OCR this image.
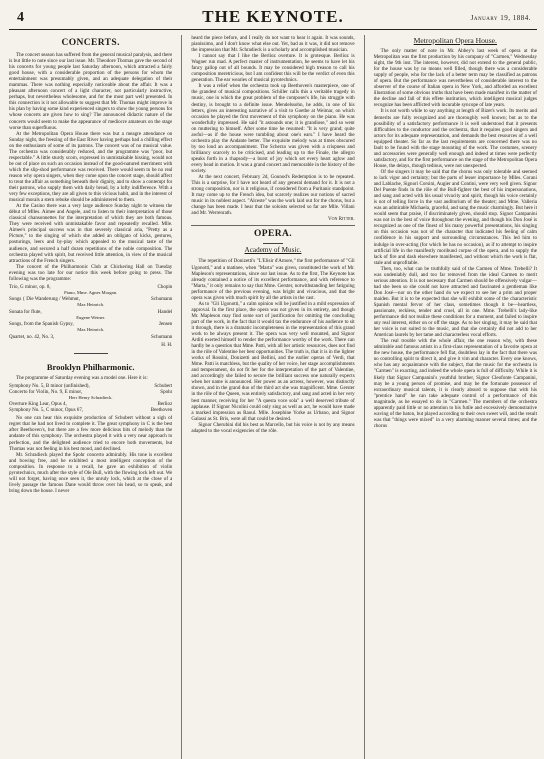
4	THE KEYNOTE.	January 19, 1884.
CONCERTS.

The concert season has suffered from the general musical paralysis, and there is but little to note since our last issue. Mr. Theodore Thomas gave the second of his concerts for young people last Saturday afternoon, which attracted a fairly good house, with a considerable proportion of the persons for whom the entertainment was presumably given, and an adequate delegation of their mammas. There was nothing especially noticeable about the affair. It was a pleasant afternoon concert of a light character, not particularly instructive, perhaps, but nevertheless wholesome, and for the most part well presented. In this connection is it not allowable to suggest that Mr. Thomas might improve in his plan by having some kind experienced singers to show the young persons for whose concerts are given how to sing? The announced didactic nature of the concerts would seem to make the appearance of mediocre amateurs on the stage worse than superfluous.

At the Metropolitan Opera House there was but a meagre attendance on Sunday night, the freezing of the East River having perhaps had a chilling effect on the enthusiasm of some of its patrons. The concert was of no musical value. The orchestra was considerably reduced, and the programme was "poor, but respectable." A little sturdy scorn, expressed in unmistakable hissing, would not be out of place on such an occasion instead of the good-natured merriment with which the slip-shod performance was received. There would seem to be no real reason why opera singers, when they come upon the concert stage, should affect to treat the affair as something beneath their dignity, and to show a contempt for their patrons, who supply them with daily bread, by a lofty indifference. With a very few exceptions, they are all given to this vicious habit, and in the interest of musical morals a stern rebuke should be administered to them.

At the Casino there was a very large audience Sunday night to witness the début of Mlles. Aimee and Angele, and to listen to their interpretation of those classical chansonnettes for the interpretation of which they are both famous. They were received with unmistakable favor and repeatedly recalled. Mlle. Aimee's principal success was in that severely classical aria, "Pretty as a Picture," to the singing of which she added an obligato of kicks, gestures, posturings, leers and by-play which appealed to the musical taste of the audience, and secured a half dozen repetitions of the noble composition. The orchestra played with spirit, but received little attention, in view of the musical attractions of the French singers.

The concert of the Philharmonic Club at Chickering Hall on Tuesday evening was too late for our notice this week before going to press. The following was the programme:

Trio, G minor, op. 8,	Chopin
Piano, Mme. Agnes Morgan.
Songs { Die Wanderung / Wehmut,	Schumann
Max Heinrich.
Sonata for flute,	Handel
Eugene Weiner.
Songs, from the Spanish Gypsy,	Jensen
Max Heinrich.
Quartet, no. 42, No. 3,	Schumann
H. H.
Brooklyn Philharmonic.

The programme of Saturday evening was a model one. Here it is:

Symphony No. 5, B minor (unfinished),	Schubert
Concerto for Violin, No. 9, E minor,	Spohr
Herr Henry Schradieck.
Overture King Lear, Opus 4,	Berlioz
Symphony No. 5, C minor, Opus 67,	Beethoven

No one can hear this exquisite production of Schubert without a sigh of regret that he had not lived to complete it. The great symphony in C is the best after Beethoven's, but there are a few more delicious bits of melody than the andante of this symphony. The orchestra played it with a very near approach to perfection, and the delighted audience tried to encore both movements, but Thomas was not feeling in his best mood, and declined.

Mr. Schradieck played the Spohr concerto admirably. His tone is excellent and bowing free, and he exhibited a most intelligent conception of the composition. In response to a recall, he gave an exhibition of violin pyrotechnics, much after the style of Ole Bull, with the flowing lock left out. We will not forget, having once seen it, the unruly lock, which at the close of a lively passage the famous Dane would throw over his head, so to speak, and bring down the house. I never

heard the piece before, and I really do not want to hear it again. It was sounds, pianissimo, and I don't know what else out. Yet, bad as it was, it did not remove the impression that Mr. Schradieck is a scholarly and accomplished musician.

I cannot say that I like the Berlioz overture. It is grotesque. Berlioz is Wagner run mad. A perfect master of instrumentation, he seems to have let his fancy gallop out of all bounds. It may be considered high treason to call his composition meretricious, but I am confident this will be the verdict of even this generation. The ear wearies of musical pyrotechnics.

It was a relief when the orchestra took up Beethoven's masterpiece, one of the grandest of musical compositions. Schiller calls this a veritable tragedy in music, one in which the great problem of the composer's life, his struggle with destiny, is brought to a definite issue. Mendelssohn, he adds, in one of his letters, gives an interesting narrative of a visit to Goethe at Weimar, on which occasion he played the first movement of this symphony on the piano. He was wonderfully impressed. He said "it astounds one; it is grandiose," and so went on muttering to himself. After some time he resumed: "It is very grand; quite awful—as if the house were tumbling about one's ears." I have heard the orchestra play the Andante better. The exquisite melody was at times obscured by too loud an accompaniment. The Scherzo was given with a crispness and brilliancy scarcely to be criticised, and leading up to the Finale, the allegro speaks forth in a rhapsody—a burst of joy which set every heart aglow and every head in motion. It was a grand concert and memorable in the history of the society.

At the next concert, February 2d, Gounod's Redemption is to be repeated. This is a surprise, for I have not heard of any general demand for it. It is not a strong composition, nor is it religious, if considered from a Puritanic standpoint. It may come up to the French idea, but scarcely realizes our notions of sacred music in its noblest aspect. "Alceste" was the work laid out for the chorus, but a change has been made. I hear that the soloists selected so far are Mlle. Villani and Mr. Werrenrath.

Von Ritter.
OPERA.
Academy of Music.

The repetition of Donizetti's "L'Elisir d'Amore," the first performance of "Gli Ugonotti," and a matinee, when "Marta" was given, constituted the work of Mr. Mapleson's representations, since our last issue. As to the first, The Keynote has already contained a notice of its excellent performance, and with reference to "Marta," it only remains to say that Mme. Gerster, notwithstanding her fatiguing performance of the previous evening, was bright and vivacious, and that the opera was given with much spirit by all the artists in the cast.

As to "Gli Ugonotti," a calm opinion will be justified in a mild expression of approval. In the first place, the opera was not given in its entirety, and though Mr. Mapleson may find some sort of justification for omitting the concluding part of the work, in the fact that it would tax the endurance of his audience to sit it through, there is a dramatic incompleteness in the representation of this grand work to be always present it. The opera was very well mounted, and Signor Arditi exerted himself to render the performance worthy of the work. There can hardly be a question that Mme. Patti, with all her artistic resources, does not find in the rôle of Valentine her best opportunities. The truth is, that it is in the lighter works of Rossini, Donizetti and Bellini, and the earlier operas of Verdi, that Mme. Patti is matchless, but the quality of her voice, her stage accomplishments and temperament, do not fit her for the interpretation of the part of Valentine, and accordingly she failed to secure the brilliant success one naturally expects when her name is announced. Her power as an actress, however, was distinctly shown, and in the grand duo of the third act she was magnificent. Mme. Gerster in the rôle of the Queen, was entirely satisfactory, and sang and acted in her very best manner, receiving for her "A questa voce sola" a well deserved tribute of applause. If Signor Nicolini could only sing as well as act, he would have made a marked impression as Raoul. Mlle. Josephine Yorke as Urbano, and Signor Galassi as St. Bris, were all that could be desired.

Signor Cherubini did his best as Marcello, but his voice is not by any means adapted to the vocal exigencies of the rôle.

Metropolitan Opera House.

The only matter of note in Mr. Abbey's last week of opera at the Metropolitan was the first production by his company of "Carmen," Wednesday night, the 9th inst. The interest, however, did not extend to the general public, for the house was by no means well filled, though there was a considerable supply of people, who for the lack of a better term may be classified as patrons of opera. But the performance was nevertheless of considerable interest to the observer of the course of Italian opera in New York, and afforded an excellent illustration of some obvious truths that have been made manifest in the matter of the decline and fall of this effete institution, which intelligent musical judges recognize has been afflicted with incurable syncope of late years.

It is not worth while to say anything at length of Bizet's work. Its merits and demerits are fully recognized and are thoroughly well known; but as to the possibility of a satisfactory performance it is well understood that it presents difficulties to the conductor and the orchestra, that it requires good singers and actors for its adequate representation, and demands the best resources of a well equipped theater. So far as the last requirements are concerned there was no fault to be found with the stage mounting of the work. The costumes, scenery and accessories were generally well enough and indeed at times were perfectly satisfactory, and for the first performance on the stage of the Metropolitan Opera House, the delays, though tedious, were not unexpected.

Of the singers it may be said that the chorus was only tolerable and seemed to lack vigor and certainty; but the parts of lesser importance by Mlles. Corani and Lablache, Signori Corsini, Augier and Contini, were very well given. Signor Del Puente finds in the rôle of the Bull-fighter the best of his impersonations, and sang and acted with his usual vivacity and spirit, though his voice certainly is not of telling force in the vast auditorium of the theater; and Mme. Valleria was an admirable Michaela, graceful, and sang the music charmingly. But here it would seem that praise, if discriminately given, should stop. Signor Campanini was not in the best of voice throughout the evening, and though his Don José is recognized as one of the finest of his many powerful presentations, his singing on this occasion was not of the character that indicated his feeling of calm confidence in his support and surrounding circumstances. This led him to indulge in over-acting (for which he has no occasion), as if to attempt to inspire artificial life in the manifestly moribund corpse of the opera, and to supply the lack of fire and dash elsewhere manifested, and without which the work is flat, stale and unprofitable.

Then, too, what can be truthfully said of the Carmen of Mme. Trebelli? It was undeniably dull, and too far removed from the ideal Carmen to merit serious attention. It is not necessary that Carmen should be offensively vulgar—had she been so she could not have attracted and fascinated a gentleman like Don José—nor on the other hand do we expect to see her a prim and proper maiden. But it is to be expected that she will exhibit some of the characteristic Spanish mental fervor of her class, sometimes though it be—heartless, passionate, reckless, tender and cruel, all in one. Mme. Trebelli's lady-like performance did not realize these conditions for a moment, and failed to inspire any real interest, either on or off the stage. As to her singing, it may be said that her voice is not suited to the music, and that she certainly did not add to her American laurels by her tame and characterless vocal efforts.

The real trouble with the whole affair, the one reason why, with these admirable and famous artists in a first-class representation of a favorite opera at the new house, the performance fell flat, doubtless lay in the fact that there was no controlling spirit to direct it, and give it vim and character. Every one knows, who has any acquaintance with the subject, that the music for the orchestra in "Carmen" is exacting, and indeed the whole opera is full of difficulty. While it is likely that Signor Campanini's youthful brother, Signor Cleofonte Campanini, may be a young person of promise, and may be the fortunate possessor of extraordinary musical talents, it is clearly absurd to suppose that with his "prentice hand" he can take adequate control of a performance of this magnitude, as he essayed to do in "Carmen." The members of the orchestra apparently paid little or no attention to his futile and excessively demonstrative waving of the baton, but played according to their own sweet will, and the result was that "things were mixed" in a very alarming manner several times; and the chorus
